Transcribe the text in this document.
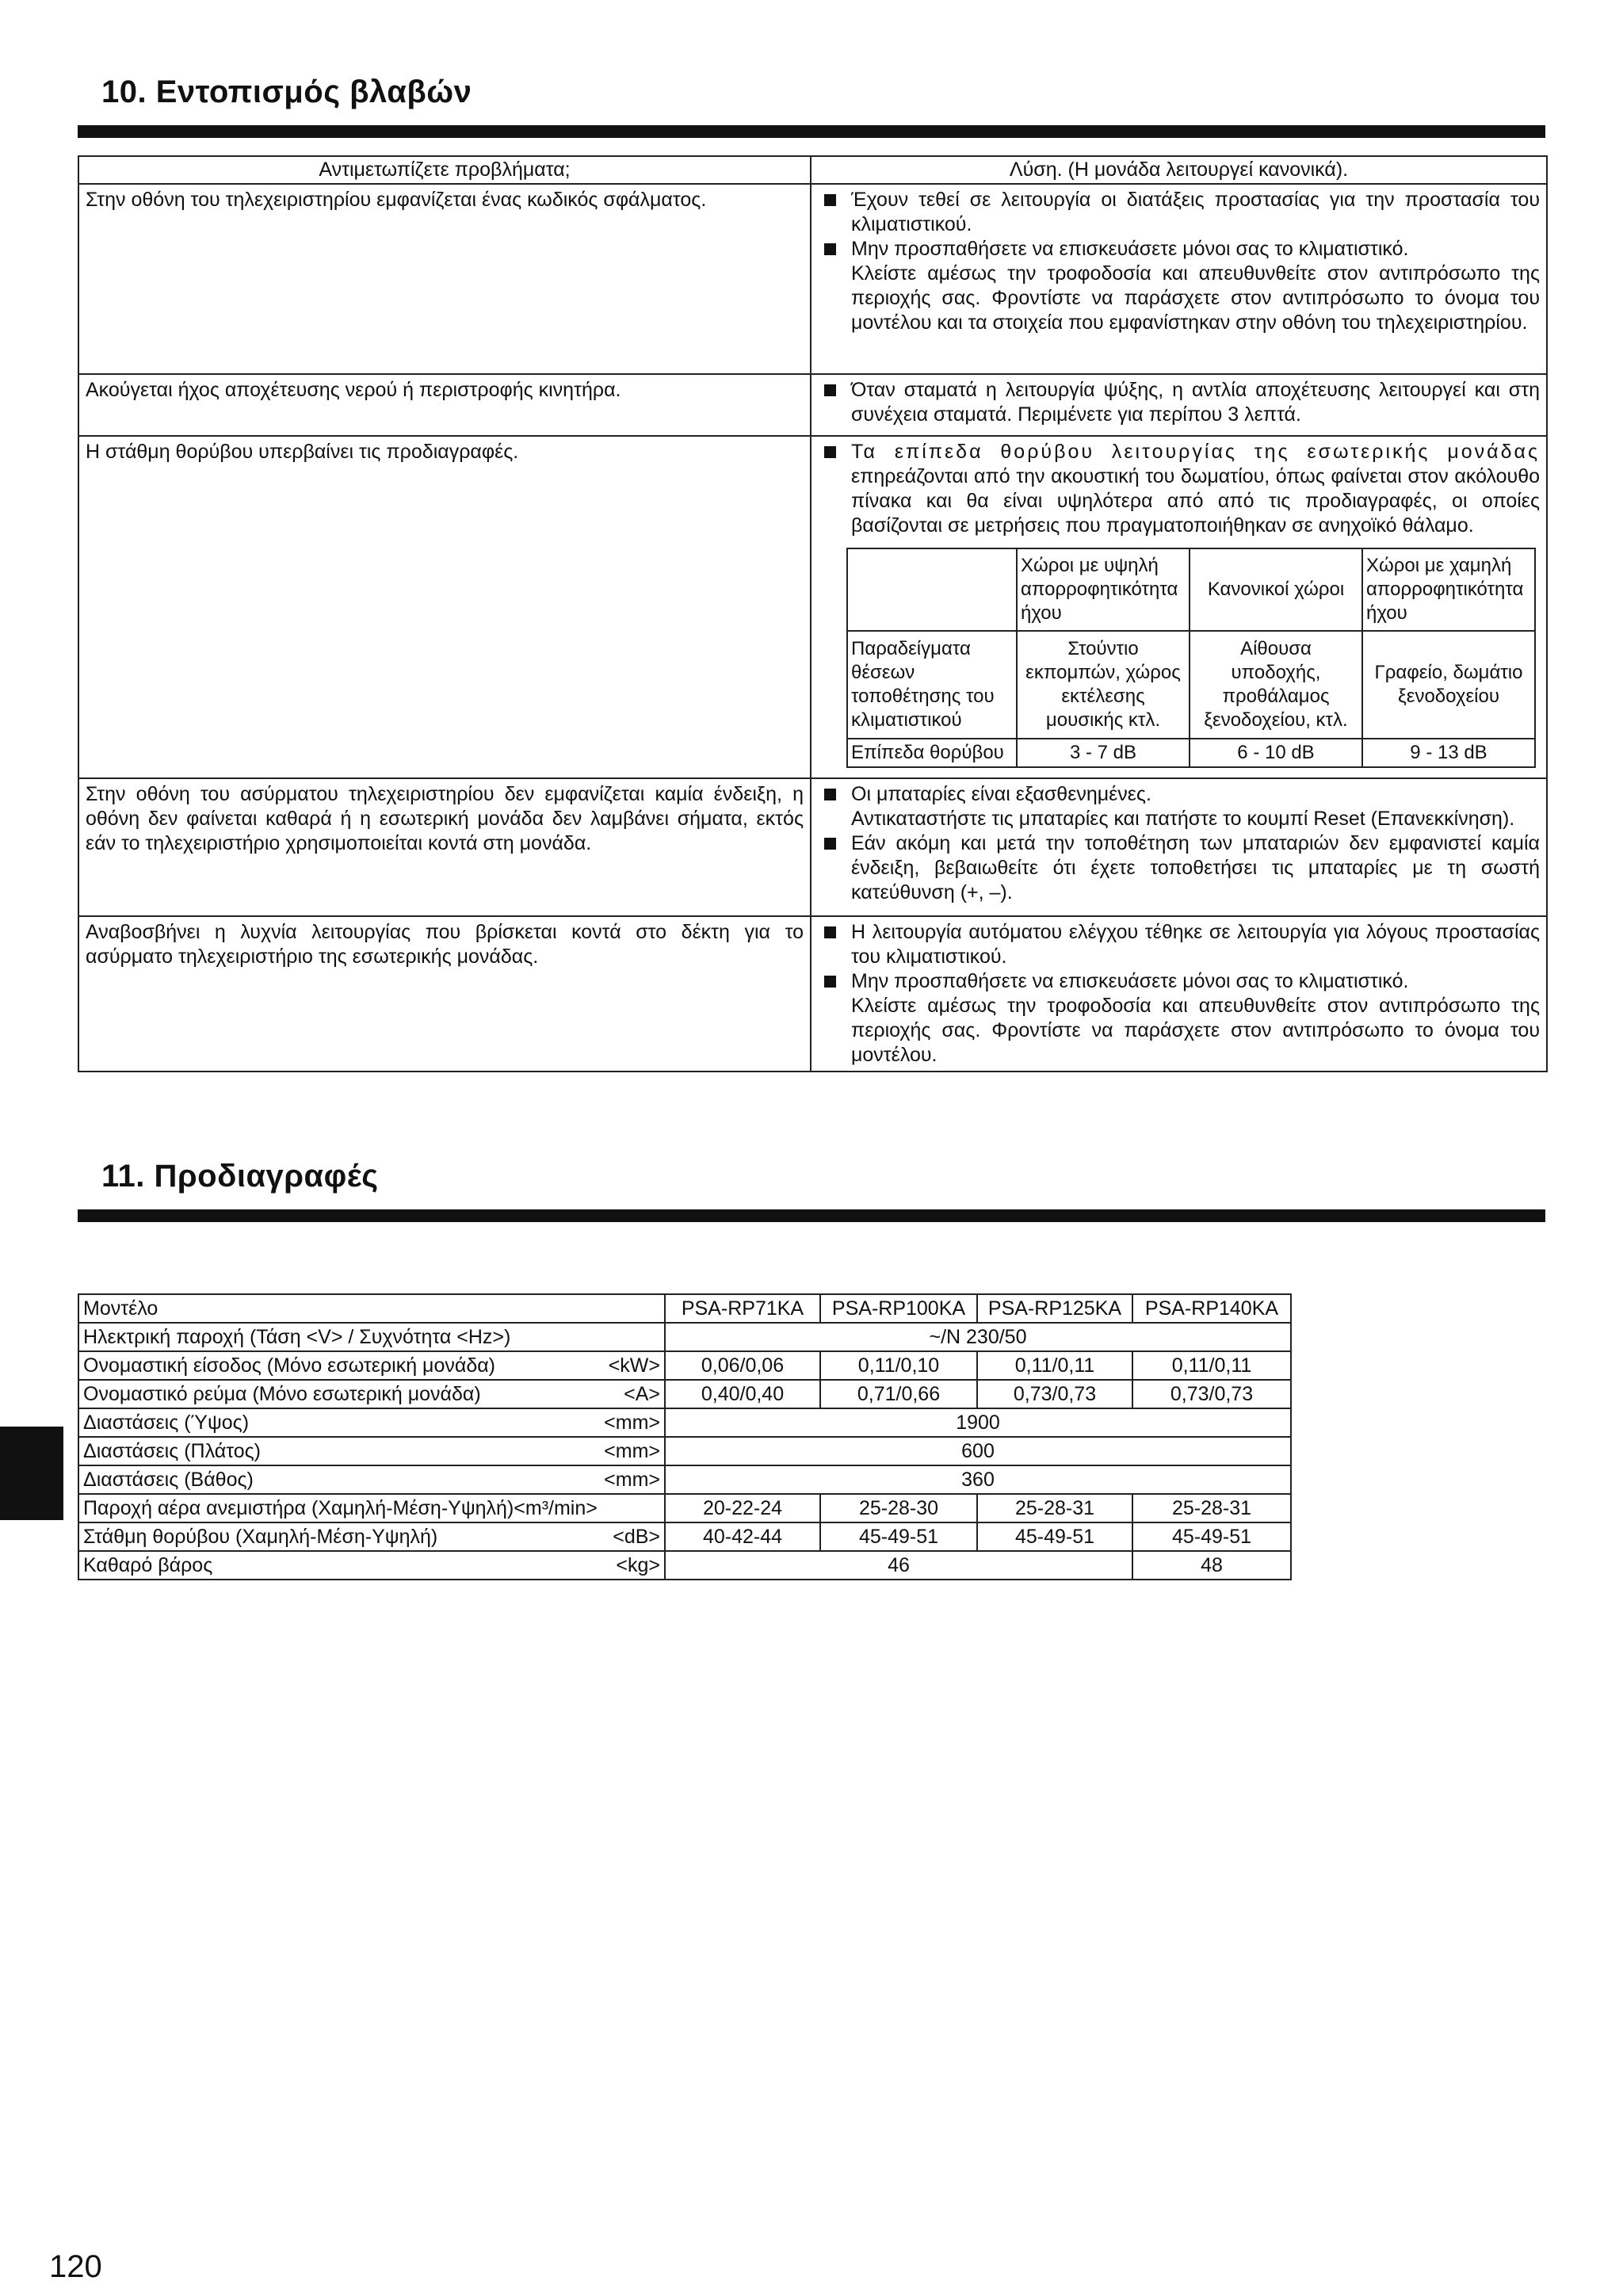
10. Εντοπισμός βλαβών
Αντιμετωπίζετε προβλήματα;	Λύση. (Η μονάδα λειτουργεί κανονικά).
Στην οθόνη του τηλεχειριστηρίου εμφανίζεται ένας κωδικός σφάλματος.	Έχουν τεθεί σε λειτουργία οι διατάξεις προστασίας για την προστασία του κλιματιστικού.
Μην προσπαθήσετε να επισκευάσετε μόνοι σας το κλιματιστικό.
Κλείστε αμέσως την τροφοδοσία και απευθυνθείτε στον αντιπρόσωπο της περιοχής σας. Φροντίστε να παράσχετε στον αντιπρόσωπο το όνομα του μοντέλου και τα στοιχεία που εμφανίστηκαν στην οθόνη του τηλεχειριστηρίου.

Ακούγεται ήχος αποχέτευσης νερού ή περιστροφής κινητήρα.	Όταν σταματά η λειτουργία ψύξης, η αντλία αποχέτευσης λειτουργεί και στη συνέχεια σταματά. Περιμένετε για περίπου 3 λεπτά.

Η στάθμη θορύβου υπερβαίνει τις προδιαγραφές.	Τα επίπεδα θορύβου λειτουργίας της εσωτερικής μονάδας επηρεάζονται από την ακουστική του δωματίου, όπως φαίνεται στον ακόλουθο πίνακα και θα είναι υψηλότερα από από τις προδιαγραφές, οι οποίες βασίζονται σε μετρήσεις που πραγματοποιήθηκαν σε ανηχοϊκό θάλαμο.
	Χώροι με υψηλή απορροφητικότητα ήχου	Κανονικοί χώροι	Χώροι με χαμηλή απορροφητικότητα ήχου
Παραδείγματα θέσεων τοποθέτησης του κλιματιστικού	Στούντιο εκπομπών, χώρος εκτέλεσης μουσικής κτλ.	Αίθουσα υποδοχής, προθάλαμος ξενοδοχείου, κτλ.	Γραφείο, δωμάτιο ξενοδοχείου
Επίπεδα θορύβου	3 - 7 dB	6 - 10 dB	9 - 13 dB

Στην οθόνη του ασύρματου τηλεχειριστηρίου δεν εμφανίζεται καμία ένδειξη, η οθόνη δεν φαίνεται καθαρά ή η εσωτερική μονάδα δεν λαμβάνει σήματα, εκτός εάν το τηλεχειριστήριο χρησιμοποιείται κοντά στη μονάδα.	
Οι μπαταρίες είναι εξασθενημένες.
Αντικαταστήστε τις μπαταρίες και πατήστε το κουμπί Reset (Επανεκκίνηση).
Εάν ακόμη και μετά την τοποθέτηση των μπαταριών δεν εμφανιστεί καμία ένδειξη, βεβαιωθείτε ότι έχετε τοποθετήσει τις μπαταρίες με τη σωστή κατεύθυνση (+, –).

Αναβοσβήνει η λυχνία λειτουργίας που βρίσκεται κοντά στο δέκτη για το ασύρματο τηλεχειριστήριο της εσωτερικής μονάδας.	
Η λειτουργία αυτόματου ελέγχου τέθηκε σε λειτουργία για λόγους προστασίας του κλιματιστικού.
Μην προσπαθήσετε να επισκευάσετε μόνοι σας το κλιματιστικό.
Κλείστε αμέσως την τροφοδοσία και απευθυνθείτε στον αντιπρόσωπο της περιοχής σας. Φροντίστε να παράσχετε στον αντιπρόσωπο το όνομα του μοντέλου.
11. Προδιαγραφές
Μοντέλο	PSA-RP71KA	PSA-RP100KA	PSA-RP125KA	PSA-RP140KA
Ηλεκτρική παροχή (Τάση <V> / Συχνότητα <Hz>)	~/N 230/50			

Ονομαστική είσοδος (Μόνο εσωτερική μονάδα) <kW>	0,06/0,06	0,11/0,10	0,11/0,11	0,11/0,11

Ονομαστικό ρεύμα (Μόνο εσωτερική μονάδα) <A>	0,40/0,40	0,71/0,66	0,73/0,73	0,73/0,73

Διαστάσεις (Ύψος) <mm>	1900			

Διαστάσεις (Πλάτος) <mm>	600			

Διαστάσεις (Βάθος) <mm>	360			
Παροχή αέρα ανεμιστήρα (Χαμηλή-Μέση-Υψηλή)<m³/min>	20-22-24	25-28-30	25-28-31	25-28-31

Στάθμη θορύβου (Χαμηλή-Μέση-Υψηλή) <dB>	40-42-44	45-49-51	45-49-51	45-49-51

Καθαρό βάρος <kg>	46			48
120
